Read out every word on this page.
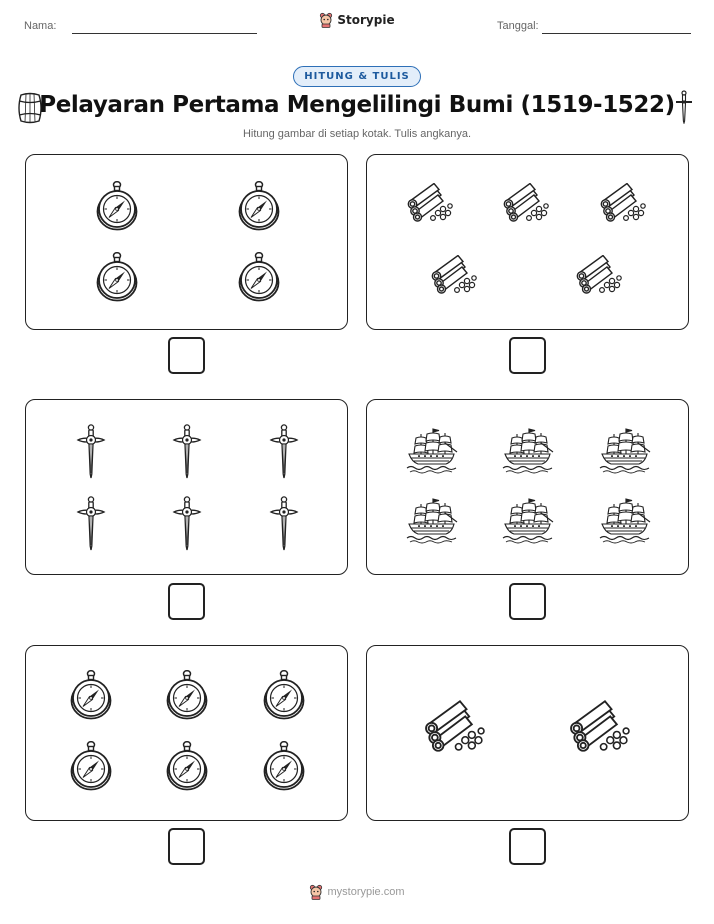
Nama:	Storypie	Tanggal:
HITUNG & TULIS
Pelayaran Pertama Mengelilingi Bumi (1519-1522)
Hitung gambar di setiap kotak. Tulis angkanya.
mystorypie.com
